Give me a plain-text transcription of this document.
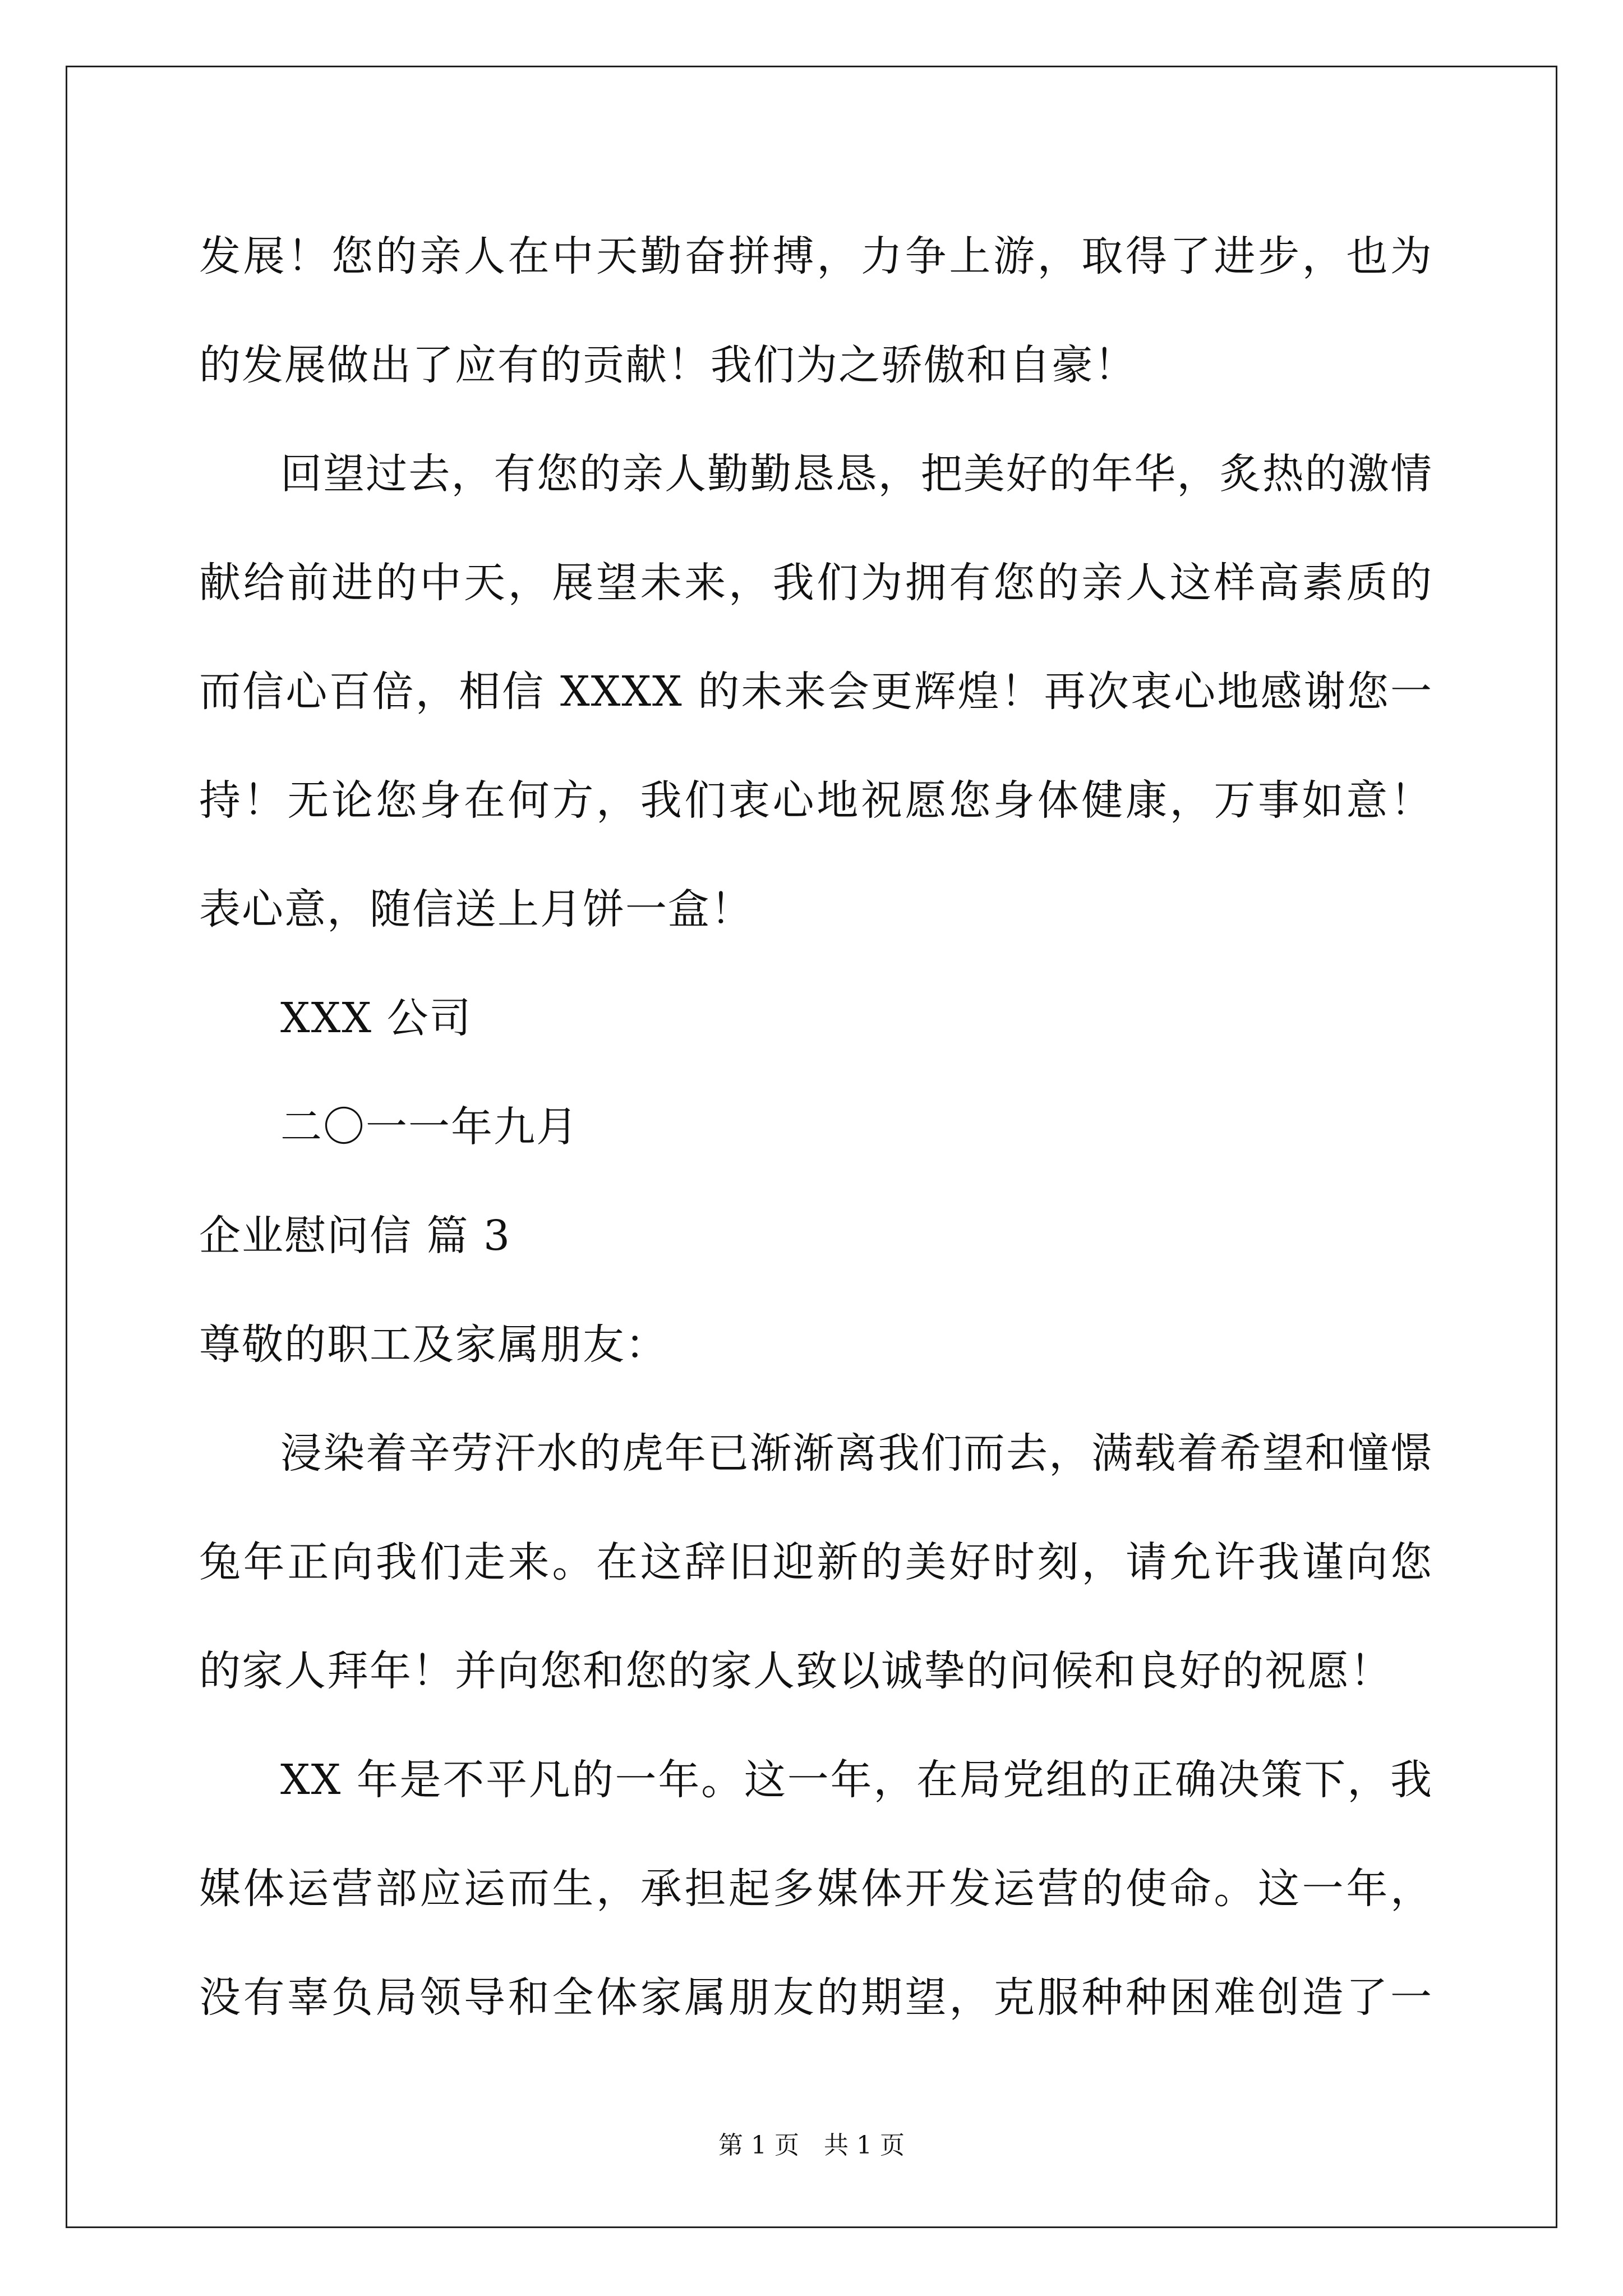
发展！您的亲人在中天勤奋拼搏，力争上游，取得了进步，也为
的发展做出了应有的贡献！我们为之骄傲和自豪！
回望过去，有您的亲人勤勤恳恳，把美好的年华，炙热的激情
献给前进的中天，展望未来，我们为拥有您的亲人这样高素质的
而信心百倍，相信 XXXX 的未来会更辉煌！再次衷心地感谢您一
持！无论您身在何方，我们衷心地祝愿您身体健康，万事如意！
表心意，随信送上月饼一盒！
XXX 公司
二〇一一年九月
企业慰问信 篇 3
尊敬的职工及家属朋友：
浸染着辛劳汗水的虎年已渐渐离我们而去，满载着希望和憧憬
兔年正向我们走来。在这辞旧迎新的美好时刻，请允许我谨向您
的家人拜年！并向您和您的家人致以诚挚的问候和良好的祝愿！
XX 年是不平凡的一年。这一年，在局党组的正确决策下，我
媒体运营部应运而生，承担起多媒体开发运营的使命。这一年，
没有辜负局领导和全体家属朋友的期望，克服种种困难创造了一
第 1 页 共 1 页
